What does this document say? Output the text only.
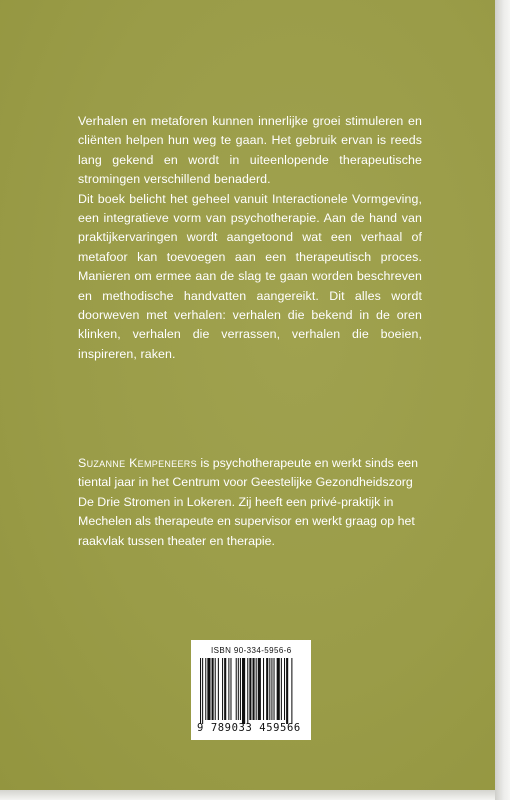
Verhalen en metaforen kunnen innerlijke groei stimuleren en cliënten helpen hun weg te gaan. Het gebruik ervan is reeds lang gekend en wordt in uiteenlopende therapeutische stromingen verschillend benaderd.

Dit boek belicht het geheel vanuit Interactionele Vormgeving, een integratieve vorm van psychotherapie. Aan de hand van praktijkervaringen wordt aangetoond wat een verhaal of metafoor kan toevoegen aan een therapeutisch proces. Manieren om ermee aan de slag te gaan worden beschreven en methodische handvatten aangereikt. Dit alles wordt doorweven met verhalen: verhalen die bekend in de oren klinken, verhalen die verrassen, verhalen die boeien, inspireren, raken.

Suzanne Kempeneers is psychotherapeute en werkt sinds een tiental jaar in het Centrum voor Geestelijke Gezondheidszorg De Drie Stromen in Lokeren. Zij heeft een privé-praktijk in Mechelen als therapeute en supervisor en werkt graag op het raakvlak tussen theater en therapie.

ISBN 90-334-5956-6
9 789033 459566
